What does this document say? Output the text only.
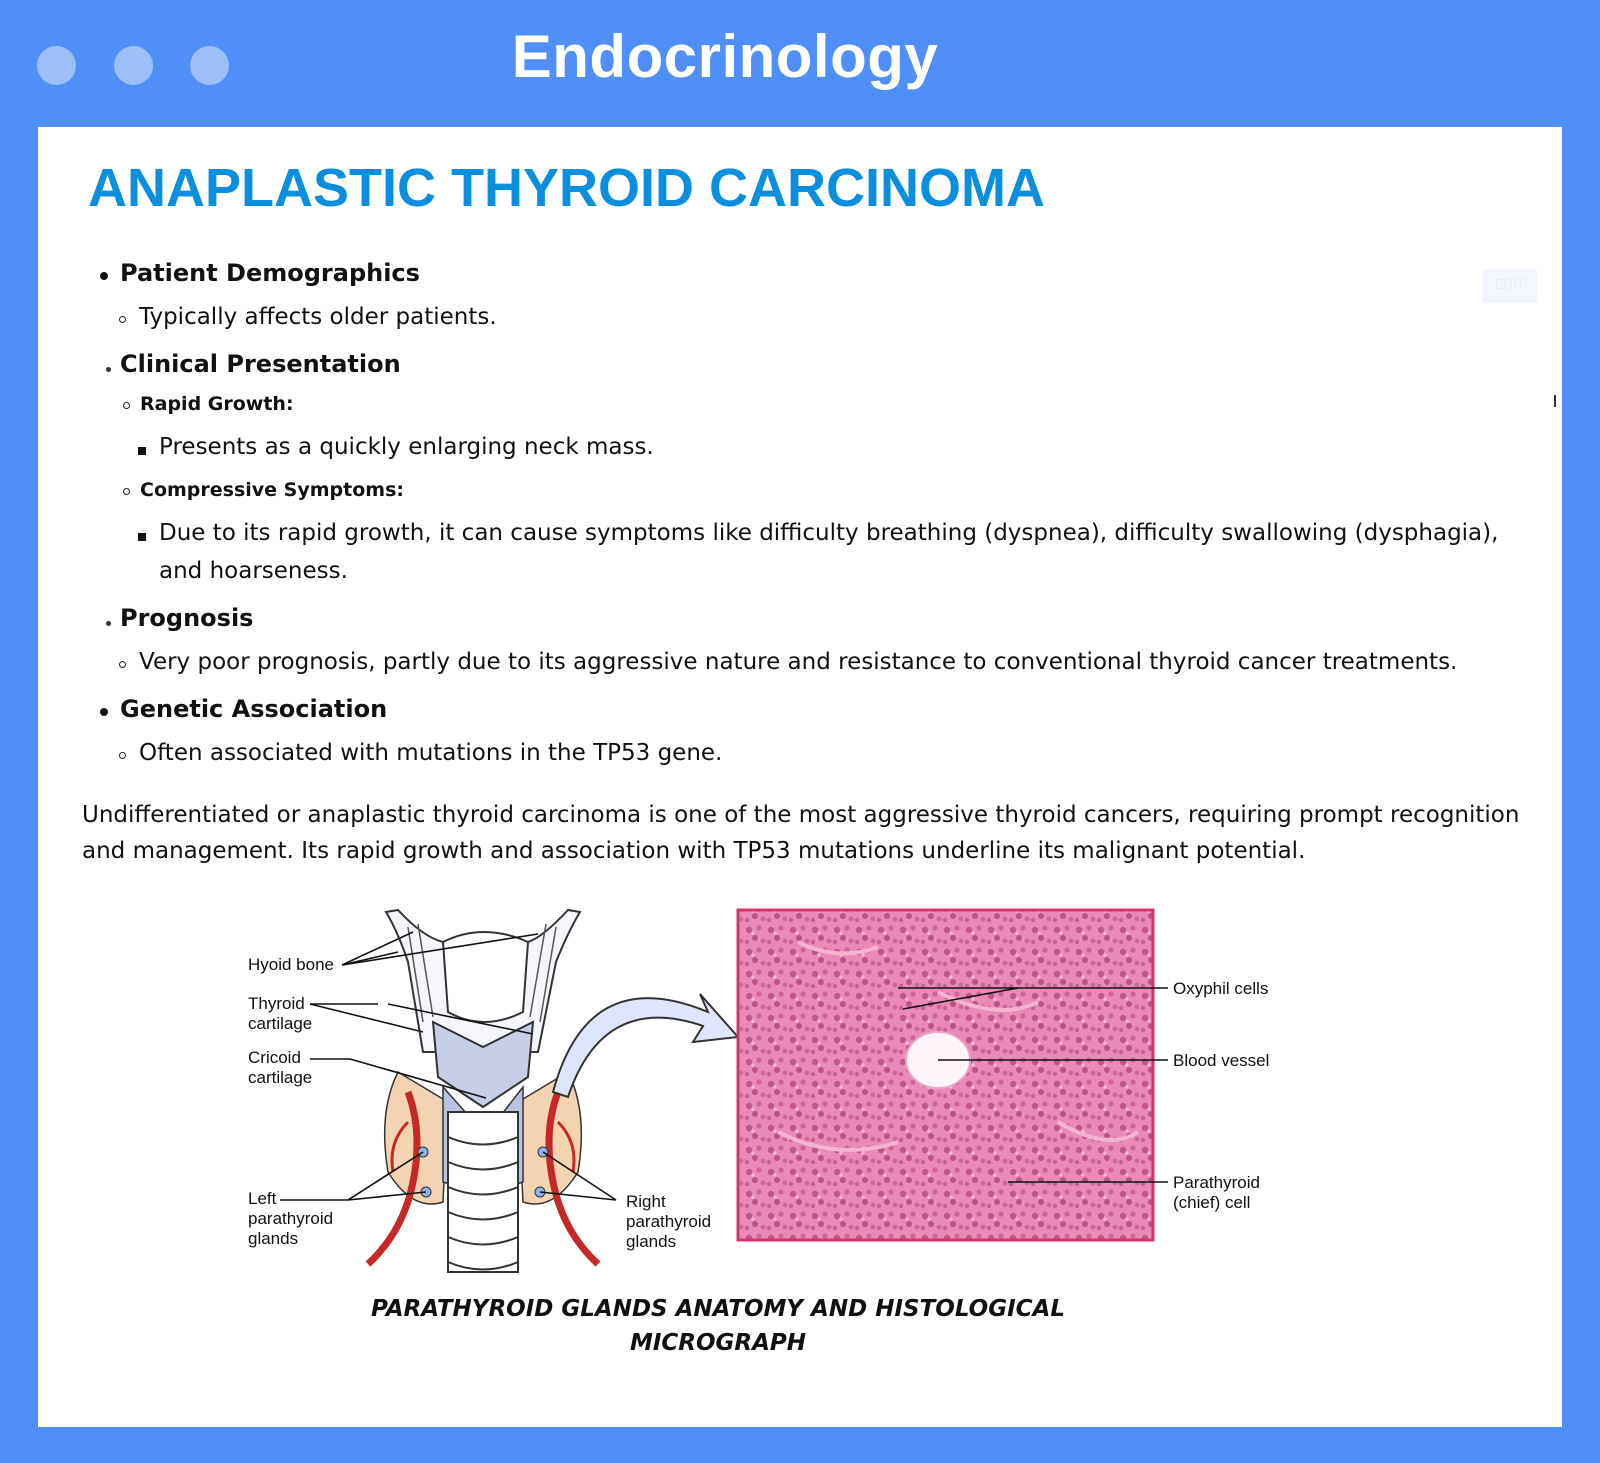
Endocrinology
ANAPLASTIC THYROID CARCINOMA
EDIT
Patient Demographics
Typically affects older patients.
Clinical Presentation
Rapid Growth:
Presents as a quickly enlarging neck mass.
Compressive Symptoms:
Due to its rapid growth, it can cause symptoms like difficulty breathing (dyspnea), difficulty swallowing (dysphagia),
and hoarseness.
Prognosis
Very poor prognosis, partly due to its aggressive nature and resistance to conventional thyroid cancer treatments.
Genetic Association
Often associated with mutations in the TP53 gene.

Undifferentiated or anaplastic thyroid carcinoma is one of the most aggressive thyroid cancers, requiring prompt recognition and management. Its rapid growth and association with TP53 mutations underline its malignant potential.

Hyoid bone
Thyroid
cartilage
Cricoid
cartilage
Left
parathyroid
glands
Right
parathyroid
glands
Oxyphil cells
Blood vessel
Parathyroid
(chief) cell
PARATHYROID GLANDS ANATOMY AND HISTOLOGICAL
MICROGRAPH
